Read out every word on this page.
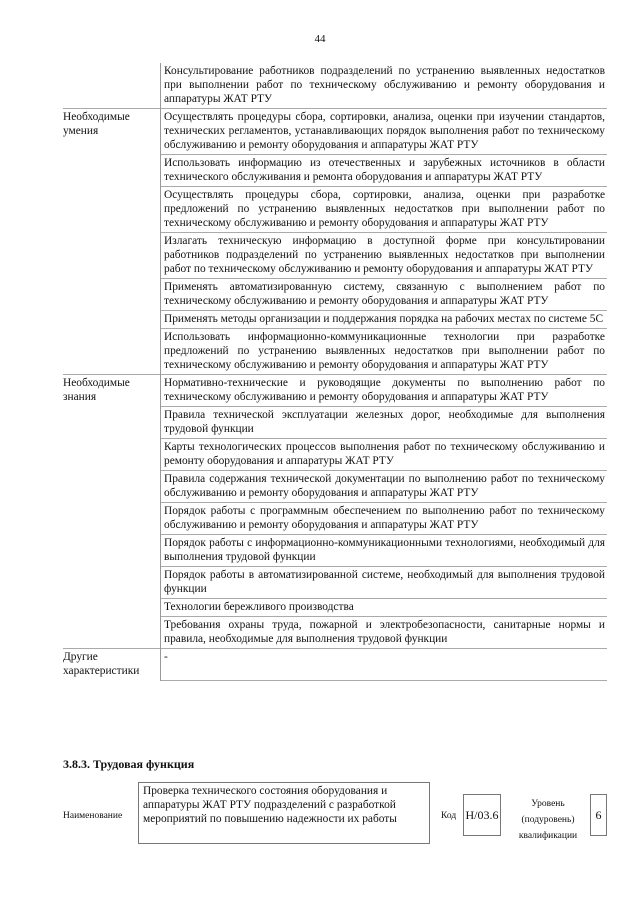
44
	Консультирование работников подразделений по устранению выявленных недостатков при выполнении работ по техническому обслуживанию и ремонту оборудования и аппаратуры ЖАТ РТУ
Необходимые умения	Осуществлять процедуры сбора, сортировки, анализа, оценки при изучении стандартов, технических регламентов, устанавливающих порядок выполнения работ по техническому обслуживанию и ремонту оборудования и аппаратуры ЖАТ РТУ
	Использовать информацию из отечественных и зарубежных источников в области технического обслуживания и ремонта оборудования и аппаратуры ЖАТ РТУ
	Осуществлять процедуры сбора, сортировки, анализа, оценки при разработке предложений по устранению выявленных недостатков при выполнении работ по техническому обслуживанию и ремонту оборудования и аппаратуры ЖАТ РТУ
	Излагать техническую информацию в доступной форме при консультировании работников подразделений по устранению выявленных недостатков при выполнении работ по техническому обслуживанию и ремонту оборудования и аппаратуры ЖАТ РТУ
	Применять автоматизированную систему, связанную с выполнением работ по техническому обслуживанию и ремонту оборудования и аппаратуры ЖАТ РТУ
	Применять методы организации и поддержания порядка на рабочих местах по системе 5С
	Использовать информационно-коммуникационные технологии при разработке предложений по устранению выявленных недостатков при выполнении работ по техническому обслуживанию и ремонту оборудования и аппаратуры ЖАТ РТУ
Необходимые знания	Нормативно-технические и руководящие документы по выполнению работ по техническому обслуживанию и ремонту оборудования и аппаратуры ЖАТ РТУ
	Правила технической эксплуатации железных дорог, необходимые для выполнения трудовой функции
	Карты технологических процессов выполнения работ по техническому обслуживанию и ремонту оборудования и аппаратуры ЖАТ РТУ
	Правила содержания технической документации по выполнению работ по техническому обслуживанию и ремонту оборудования и аппаратуры ЖАТ РТУ
	Порядок работы с программным обеспечением по выполнению работ по техническому обслуживанию и ремонту оборудования и аппаратуры ЖАТ РТУ
	Порядок работы с информационно-коммуникационными технологиями, необходимый для выполнения трудовой функции
	Порядок работы в автоматизированной системе, необходимый для выполнения трудовой функции
	Технологии бережливого производства
	Требования охраны труда, пожарной и электробезопасности, санитарные нормы и правила, необходимые для выполнения трудовой функции
Другие характеристики	-
3.8.3. Трудовая функция
Наименование
Проверка технического состояния оборудования и аппаратуры ЖАТ РТУ подразделений с разработкой мероприятий по повышению надежности их работы	Код H/03.6
Уровень (подуровень) квалификации
6
